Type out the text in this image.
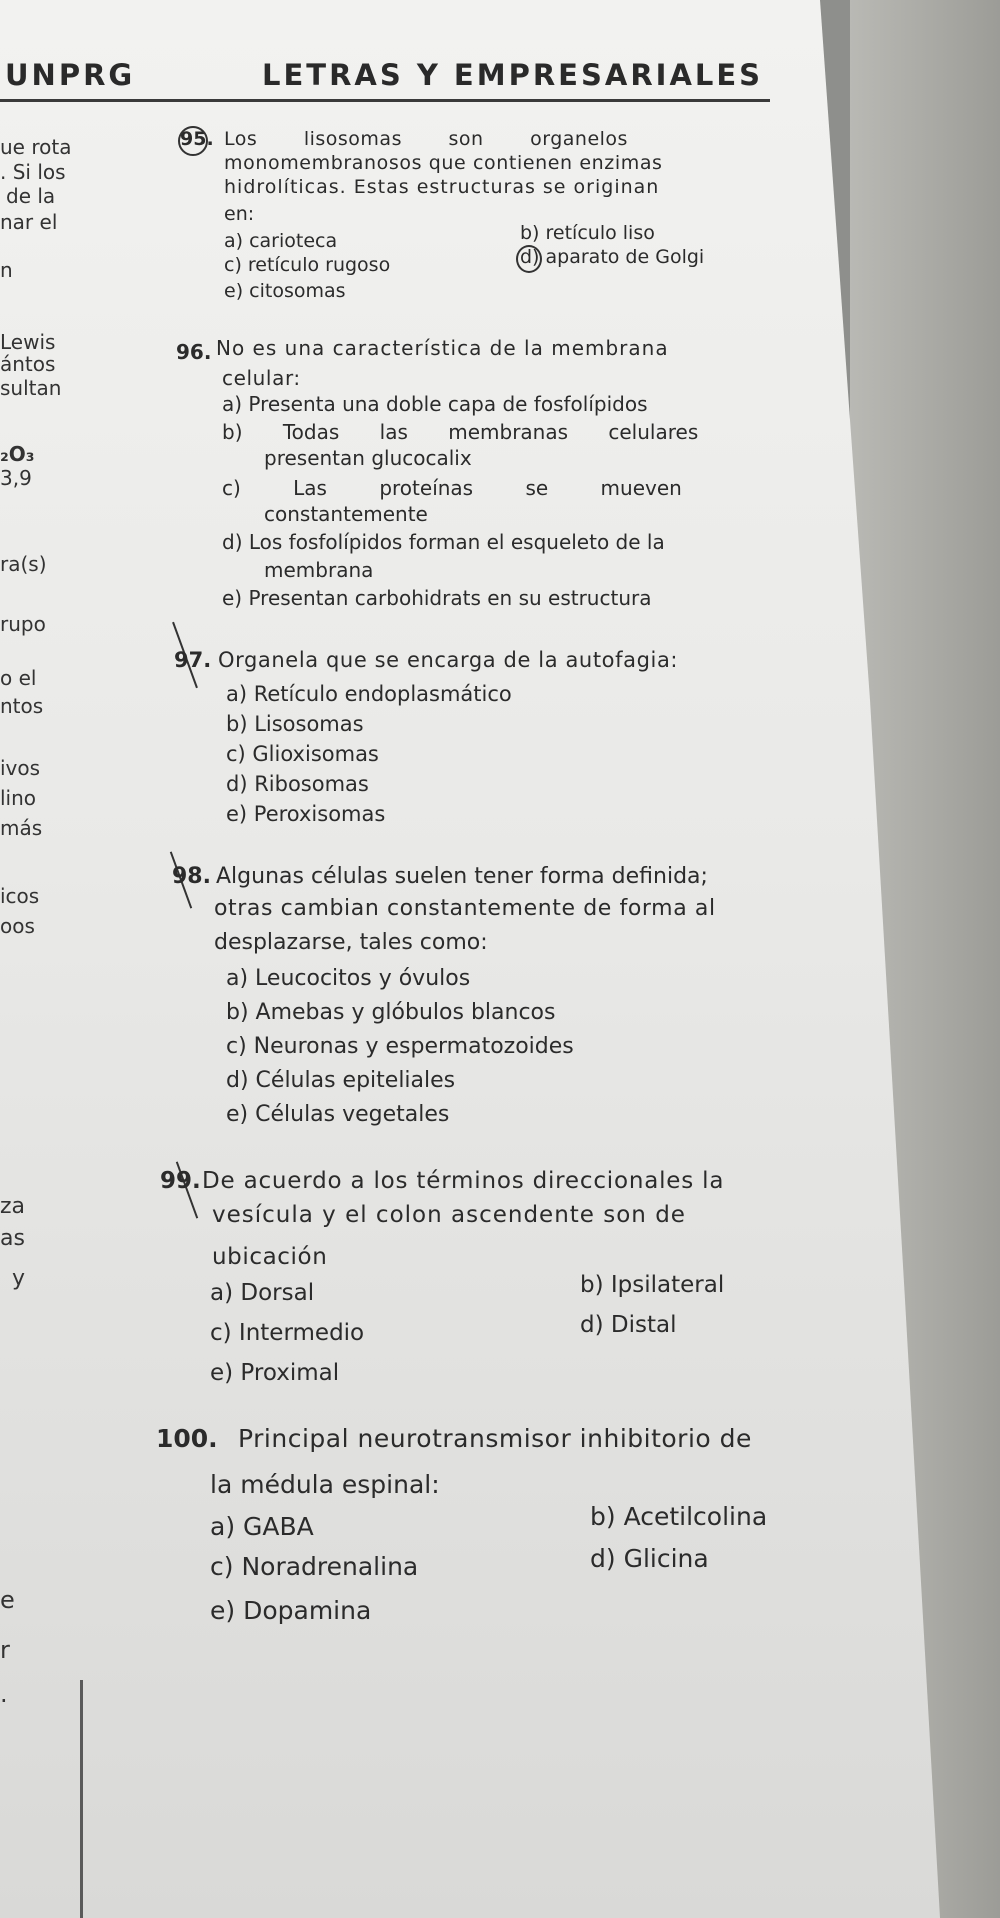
UNPRG	LETRAS Y EMPRESARIALES
ue rota
. Si los
de la
nar el
n
Lewis
ántos
sultan
₂O₃
3,9
ra(s)
rupo
o el
ntos
ivos
lino
más
icos
oos
za
as
y
e
r
.
95. Los lisosomas son organelos
monomembranosos que contienen enzimas
hidrolíticas. Estas estructuras se originan
en:
a) carioteca	b) retículo liso
c) retículo rugoso	d) aparato de Golgi
e) citosomas
96. No es una característica de la membrana
celular:
a) Presenta una doble capa de fosfolípidos
b) Todas las membranas celulares
presentan glucocalix
c) Las proteínas se mueven
constantemente
d) Los fosfolípidos forman el esqueleto de la
membrana
e) Presentan carbohidrats en su estructura
97. Organela que se encarga de la autofagia:
a) Retículo endoplasmático
b) Lisosomas
c) Glioxisomas
d) Ribosomas
e) Peroxisomas
98. Algunas células suelen tener forma definida;
otras cambian constantemente de forma al
desplazarse, tales como:
a) Leucocitos y óvulos
b) Amebas y glóbulos blancos
c) Neuronas y espermatozoides
d) Células epiteliales
e) Células vegetales
99. De acuerdo a los términos direccionales la
vesícula y el colon ascendente son de
ubicación
a) Dorsal	b) Ipsilateral
c) Intermedio	d) Distal
e) Proximal
100. Principal neurotransmisor inhibitorio de
la médula espinal:
a) GABA	b) Acetilcolina
c) Noradrenalina	d) Glicina
e) Dopamina
